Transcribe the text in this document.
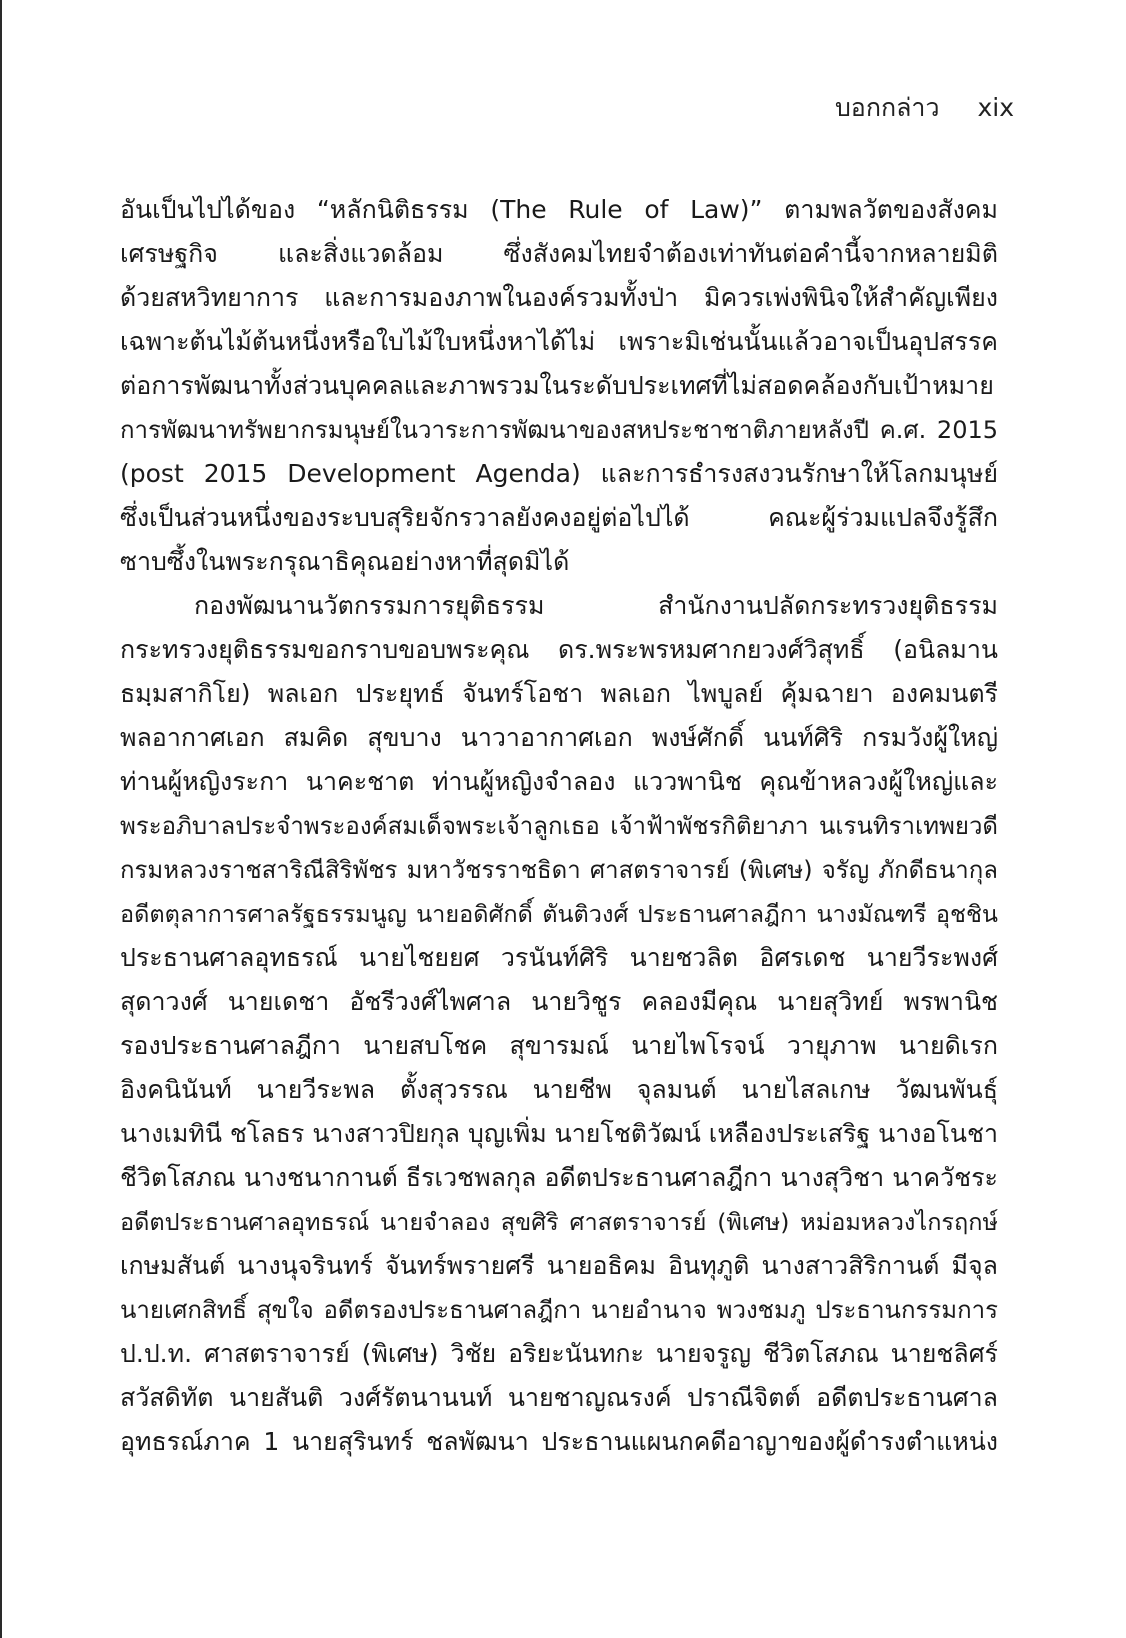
บอกกล่าว xix
อันเป็นไปได้ของ “หลักนิติธรรม (The Rule of Law)” ตามพลวัตของสังคม
เศรษฐกิจ และสิ่งแวดล้อม ซึ่งสังคมไทยจำต้องเท่าทันต่อคำนี้จากหลายมิติ
ด้วยสหวิทยาการ และการมองภาพในองค์รวมทั้งป่า มิควรเพ่งพินิจให้สำคัญเพียง
เฉพาะต้นไม้ต้นหนึ่งหรือใบไม้ใบหนึ่งหาได้ไม่ เพราะมิเช่นนั้นแล้วอาจเป็นอุปสรรค
ต่อการพัฒนาทั้งส่วนบุคคลและภาพรวมในระดับประเทศที่ไม่สอดคล้องกับเป้าหมาย
การพัฒนาทรัพยากรมนุษย์ในวาระการพัฒนาของสหประชาชาติภายหลังปี ค.ศ. 2015
(post 2015 Development Agenda) และการธำรงสงวนรักษาให้โลกมนุษย์
ซึ่งเป็นส่วนหนึ่งของระบบสุริยจักรวาลยังคงอยู่ต่อไปได้ คณะผู้ร่วมแปลจึงรู้สึก
ซาบซึ้งในพระกรุณาธิคุณอย่างหาที่สุดมิได้
กองพัฒนานวัตกรรมการยุติธรรม สำนักงานปลัดกระทรวงยุติธรรม
กระทรวงยุติธรรมขอกราบขอบพระคุณ ดร.พระพรหมศากยวงศ์วิสุทธิ์ (อนิลมาน
ธมฺมสากิโย) พลเอก ประยุทธ์ จันทร์โอชา พลเอก ไพบูลย์ คุ้มฉายา องคมนตรี
พลอากาศเอก สมคิด สุขบาง นาวาอากาศเอก พงษ์ศักดิ์ นนท์ศิริ กรมวังผู้ใหญ่
ท่านผู้หญิงระกา นาคะชาต ท่านผู้หญิงจำลอง แววพานิช คุณข้าหลวงผู้ใหญ่และ
พระอภิบาลประจำพระองค์สมเด็จพระเจ้าลูกเธอ เจ้าฟ้าพัชรกิติยาภา นเรนทิราเทพยวดี
กรมหลวงราชสาริณีสิริพัชร มหาวัชรราชธิดา ศาสตราจารย์ (พิเศษ) จรัญ ภักดีธนากุล
อดีตตุลาการศาลรัฐธรรมนูญ นายอดิศักดิ์ ตันติวงศ์ ประธานศาลฎีกา นางมัณฑรี อุชชิน
ประธานศาลอุทธรณ์ นายไชยยศ วรนันท์ศิริ นายชวลิต อิศรเดช นายวีระพงศ์
สุดาวงศ์ นายเดชา อัชรีวงศ์ไพศาล นายวิชูร คลองมีคุณ นายสุวิทย์ พรพานิช
รองประธานศาลฎีกา นายสบโชค สุขารมณ์ นายไพโรจน์ วายุภาพ นายดิเรก
อิงคนินันท์ นายวีระพล ตั้งสุวรรณ นายชีพ จุลมนต์ นายไสลเกษ วัฒนพันธุ์
นางเมทินี ชโลธร นางสาวปิยกุล บุญเพิ่ม นายโชติวัฒน์ เหลืองประเสริฐ นางอโนชา
ชีวิตโสภณ นางชนากานต์ ธีรเวชพลกุล อดีตประธานศาลฎีกา นางสุวิชา นาควัชระ
อดีตประธานศาลอุทธรณ์ นายจำลอง สุขศิริ ศาสตราจารย์ (พิเศษ) หม่อมหลวงไกรฤกษ์
เกษมสันต์ นางนุจรินทร์ จันทร์พรายศรี นายอธิคม อินทุภูติ นางสาวสิริกานต์ มีจุล
นายเศกสิทธิ์ สุขใจ อดีตรองประธานศาลฎีกา นายอำนาจ พวงชมภู ประธานกรรมการ
ป.ป.ท. ศาสตราจารย์ (พิเศษ) วิชัย อริยะนันทกะ นายจรูญ ชีวิตโสภณ นายชลิศร์
สวัสดิทัต นายสันติ วงศ์รัตนานนท์ นายชาญณรงค์ ปราณีจิตต์ อดีตประธานศาล
อุทธรณ์ภาค 1 นายสุรินทร์ ชลพัฒนา ประธานแผนกคดีอาญาของผู้ดำรงตำแหน่ง
